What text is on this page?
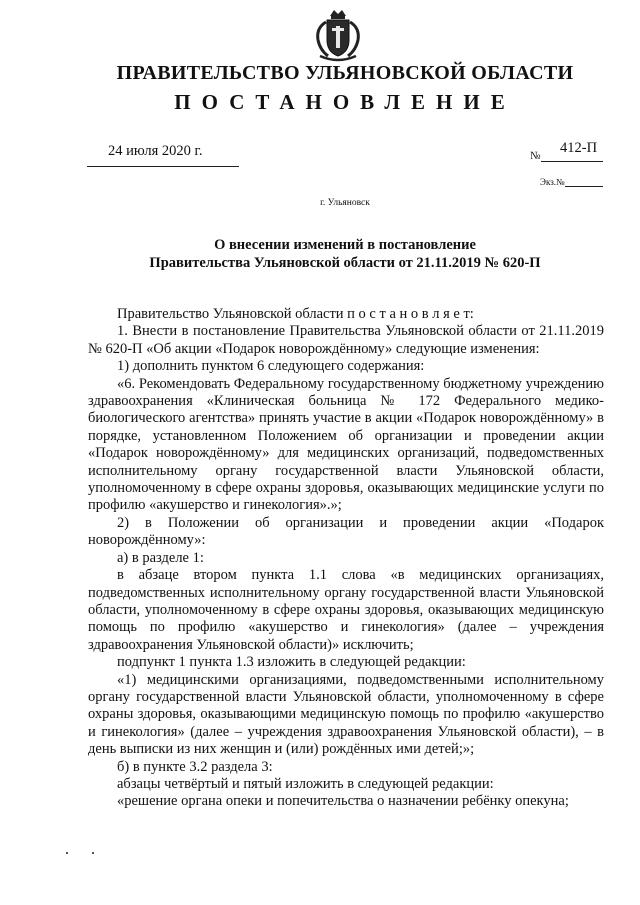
ПРАВИТЕЛЬСТВО УЛЬЯНОВСКОЙ ОБЛАСТИ
ПОСТАНОВЛЕНИЕ
24 июля 2020 г.	№ 412-П
Экз.№
г. Ульяновск
О внесении изменений в постановление
Правительства Ульяновской области от 21.11.2019 № 620-П

Правительство Ульяновской области п о с т а н о в л я е т:

1. Внести в постановление Правительства Ульяновской области от 21.11.2019 № 620-П «Об акции «Подарок новорождённому» следующие изменения:

1) дополнить пунктом 6 следующего содержания:

«6. Рекомендовать Федеральному государственному бюджетному учреждению здравоохранения «Клиническая больница № 172 Федерального медико-биологического агентства» принять участие в акции «Подарок новорождённому» в порядке, установленном Положением об организации и проведении акции «Подарок новорождённому» для медицинских организаций, подведомственных исполнительному органу государственной власти Ульяновской области, уполномоченному в сфере охраны здоровья, оказывающих медицинские услуги по профилю «акушерство и гинекология».»;

2) в Положении об организации и проведении акции «Подарок новорождённому»:

а) в разделе 1:

в абзаце втором пункта 1.1 слова «в медицинских организациях, подведомственных исполнительному органу государственной власти Ульяновской области, уполномоченному в сфере охраны здоровья, оказывающих медицинскую помощь по профилю «акушерство и гинекология» (далее – учреждения здравоохранения Ульяновской области)» исключить;

подпункт 1 пункта 1.3 изложить в следующей редакции:

«1) медицинскими организациями, подведомственными исполнительному органу государственной власти Ульяновской области, уполномоченному в сфере охраны здоровья, оказывающими медицинскую помощь по профилю «акушерство и гинекология» (далее – учреждения здравоохранения Ульяновской области), – в день выписки из них женщин и (или) рождённых ими детей;»;

б) в пункте 3.2 раздела 3:

абзацы четвёртый и пятый изложить в следующей редакции:

«решение органа опеки и попечительства о назначении ребёнку опекуна;
